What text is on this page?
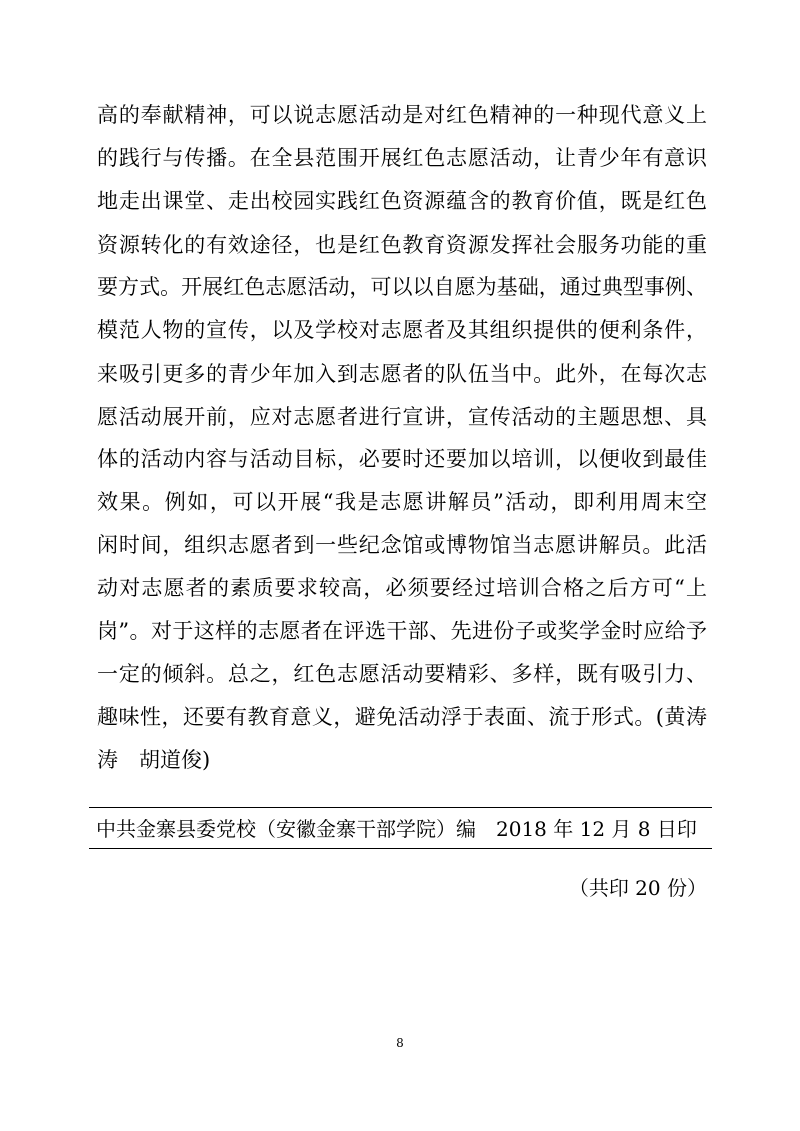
高的奉献精神，可以说志愿活动是对红色精神的一种现代意义上
的践行与传播。在全县范围开展红色志愿活动，让青少年有意识
地走出课堂、走出校园实践红色资源蕴含的教育价值，既是红色
资源转化的有效途径，也是红色教育资源发挥社会服务功能的重
要方式。开展红色志愿活动，可以以自愿为基础，通过典型事例、
模范人物的宣传，以及学校对志愿者及其组织提供的便利条件，
来吸引更多的青少年加入到志愿者的队伍当中。此外，在每次志
愿活动展开前，应对志愿者进行宣讲，宣传活动的主题思想、具
体的活动内容与活动目标，必要时还要加以培训，以便收到最佳
效果。例如，可以开展“我是志愿讲解员”活动，即利用周末空
闲时间，组织志愿者到一些纪念馆或博物馆当志愿讲解员。此活
动对志愿者的素质要求较高，必须要经过培训合格之后方可“上
岗”。对于这样的志愿者在评选干部、先进份子或奖学金时应给予
一定的倾斜。总之，红色志愿活动要精彩、多样，既有吸引力、
趣味性，还要有教育意义，避免活动浮于表面、流于形式。(黄涛
涛　胡道俊)
中共金寨县委党校（安徽金寨干部学院）编　2018 年 12 月 8 日印
（共印 20 份）
8
